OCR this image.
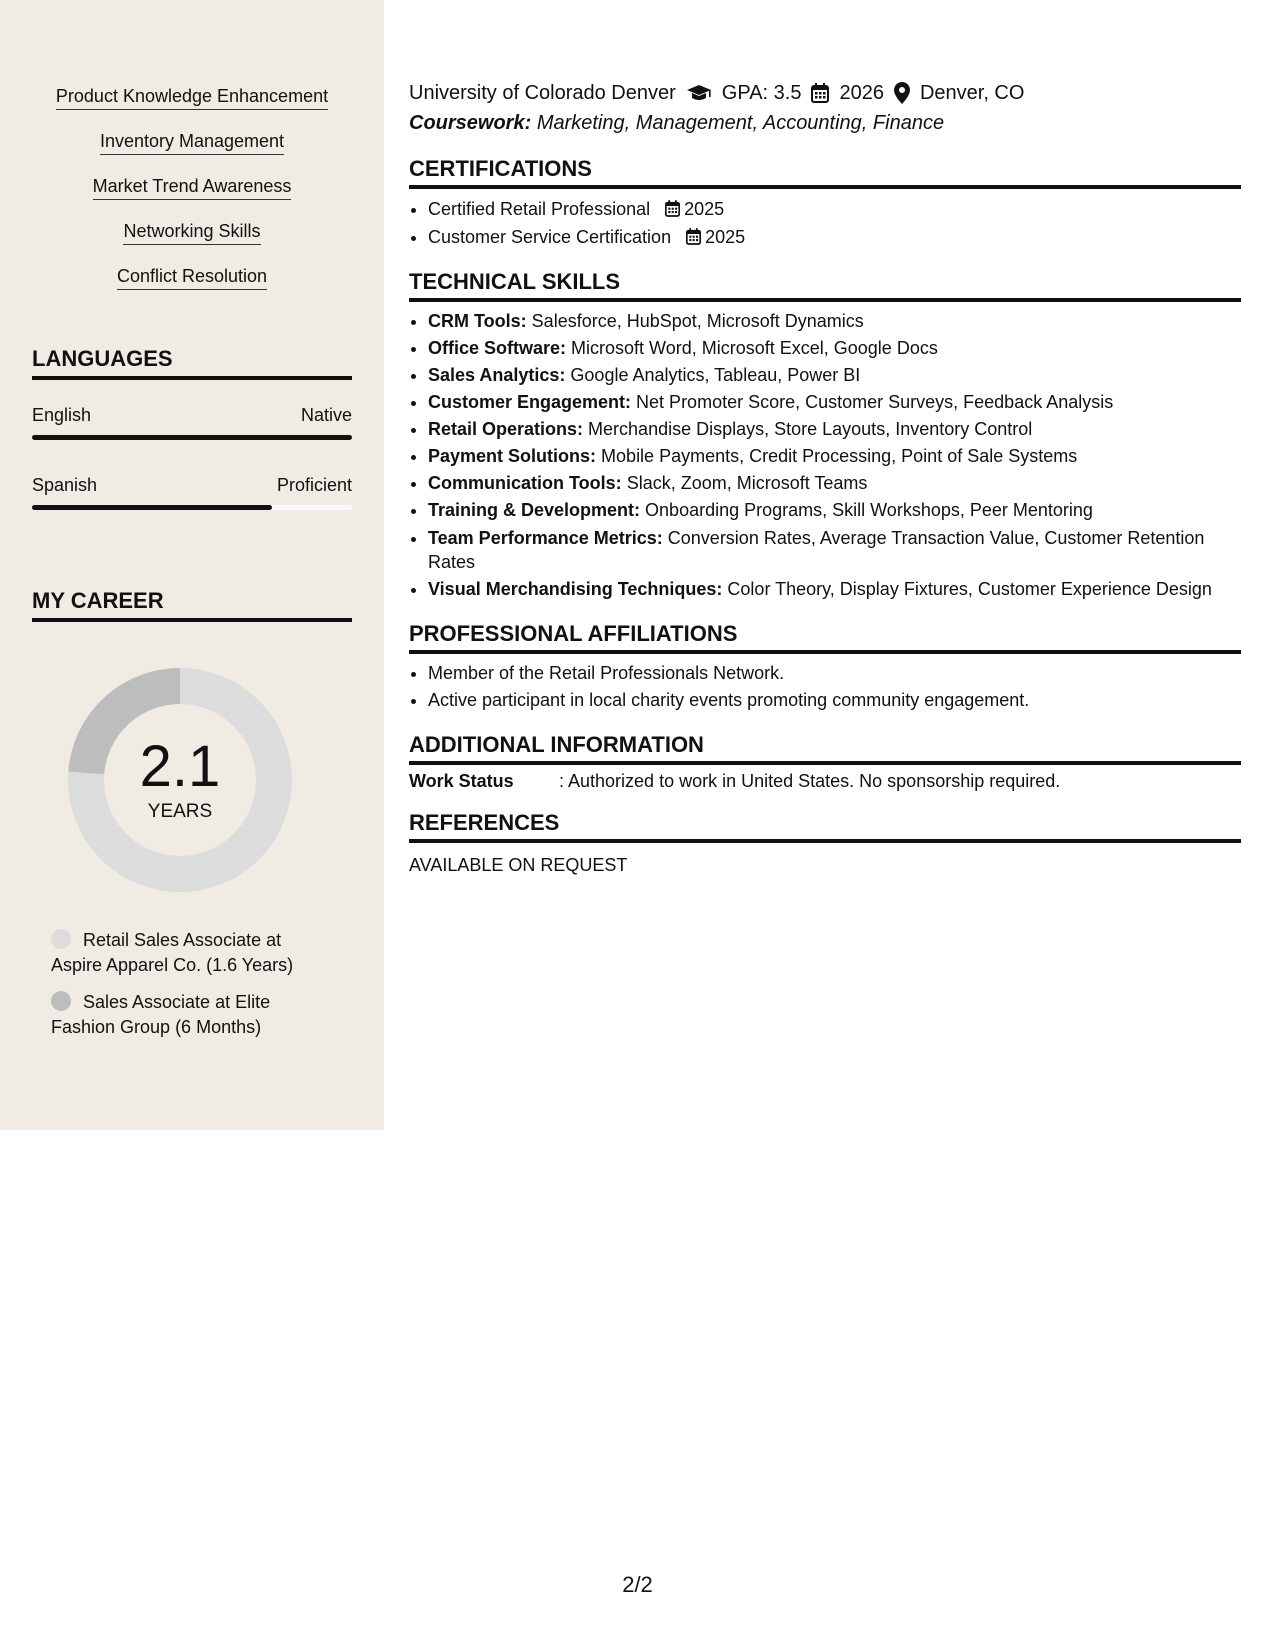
Product Knowledge Enhancement
Inventory Management
Market Trend Awareness
Networking Skills
Conflict Resolution
LANGUAGES
English	Native
Spanish	Proficient
MY CAREER
2.1
YEARS
Retail Sales Associate at Aspire Apparel Co. (1.6 Years)
Sales Associate at Elite Fashion Group (6 Months)
University of Colorado Denver GPA: 3.5 2026 Denver, CO
Coursework: Marketing, Management, Accounting, Finance
CERTIFICATIONS
• Certified Retail Professional 2025
• Customer Service Certification 2025
TECHNICAL SKILLS
• CRM Tools: Salesforce, HubSpot, Microsoft Dynamics
• Office Software: Microsoft Word, Microsoft Excel, Google Docs
• Sales Analytics: Google Analytics, Tableau, Power BI
• Customer Engagement: Net Promoter Score, Customer Surveys, Feedback Analysis
• Retail Operations: Merchandise Displays, Store Layouts, Inventory Control
• Payment Solutions: Mobile Payments, Credit Processing, Point of Sale Systems
• Communication Tools: Slack, Zoom, Microsoft Teams
• Training & Development: Onboarding Programs, Skill Workshops, Peer Mentoring
• Team Performance Metrics: Conversion Rates, Average Transaction Value, Customer Retention Rates
• Visual Merchandising Techniques: Color Theory, Display Fixtures, Customer Experience Design
PROFESSIONAL AFFILIATIONS
• Member of the Retail Professionals Network.
• Active participant in local charity events promoting community engagement.
ADDITIONAL INFORMATION
Work Status	: Authorized to work in United States. No sponsorship required.
REFERENCES
AVAILABLE ON REQUEST
2/2
